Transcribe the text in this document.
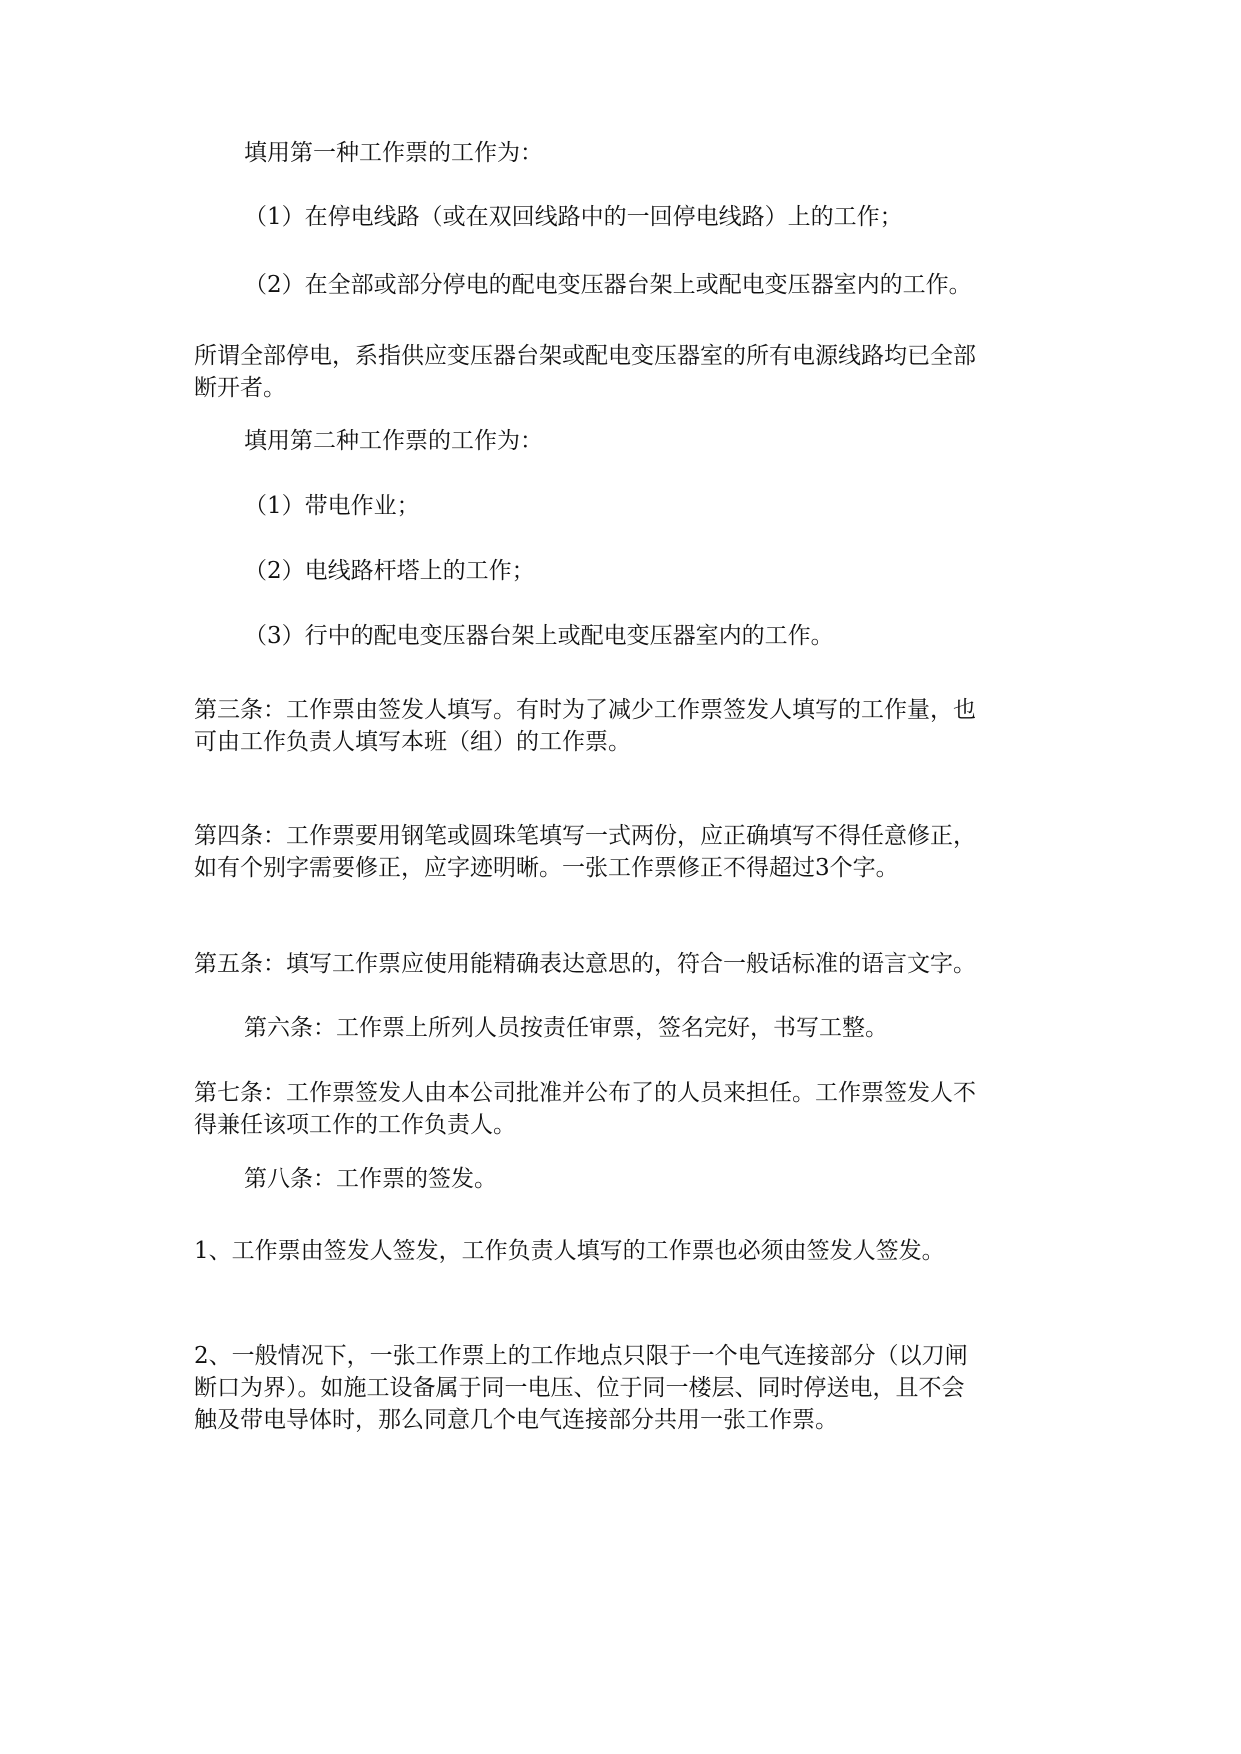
填用第一种工作票的工作为：
（1）在停电线路（或在双回线路中的一回停电线路）上的工作；
（2）在全部或部分停电的配电变压器台架上或配电变压器室内的工作。
所谓全部停电，系指供应变压器台架或配电变压器室的所有电源线路均已全部
断开者。
填用第二种工作票的工作为：
（1）带电作业；
（2）电线路杆塔上的工作；
（3）行中的配电变压器台架上或配电变压器室内的工作。
第三条：工作票由签发人填写。有时为了减少工作票签发人填写的工作量，也
可由工作负责人填写本班（组）的工作票。
第四条：工作票要用钢笔或圆珠笔填写一式两份，应正确填写不得任意修正，
如有个别字需要修正，应字迹明晰。一张工作票修正不得超过3个字。
第五条：填写工作票应使用能精确表达意思的，符合一般话标准的语言文字。
第六条：工作票上所列人员按责任审票，签名完好，书写工整。
第七条：工作票签发人由本公司批准并公布了的人员来担任。工作票签发人不
得兼任该项工作的工作负责人。
第八条：工作票的签发。
1、工作票由签发人签发，工作负责人填写的工作票也必须由签发人签发。
2、一般情况下，一张工作票上的工作地点只限于一个电气连接部分（以刀闸
断口为界）。如施工设备属于同一电压、位于同一楼层、同时停送电，且不会
触及带电导体时，那么同意几个电气连接部分共用一张工作票。
